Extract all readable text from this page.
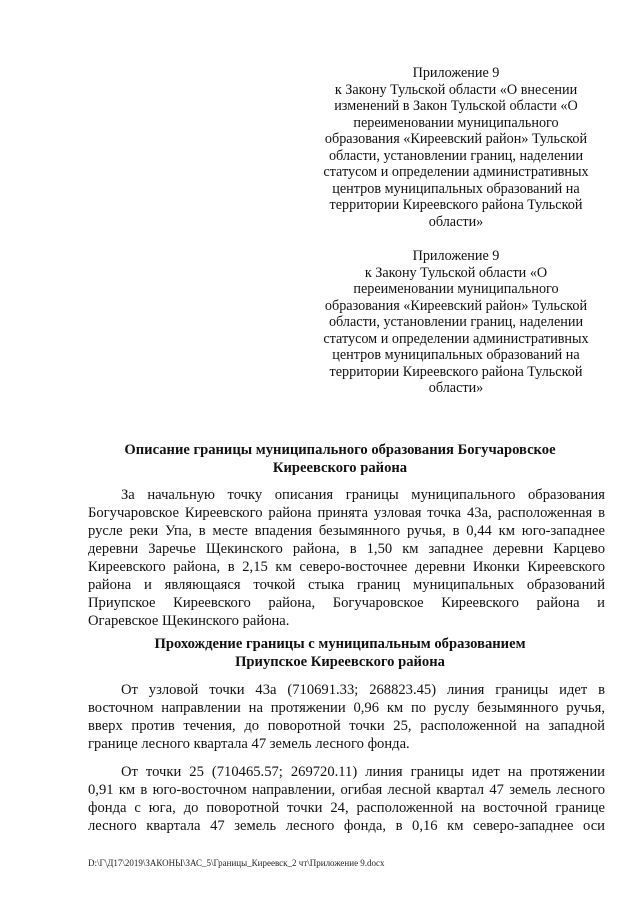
Приложение 9
к Закону Тульской области «О внесении
изменений в Закон Тульской области «О
переименовании муниципального
образования «Киреевский район» Тульской
области, установлении границ, наделении
статусом и определении административных
центров муниципальных образований на
территории Киреевского района Тульской
области»
Приложение 9
к Закону Тульской области «О
переименовании муниципального
образования «Киреевский район» Тульской
области, установлении границ, наделении
статусом и определении административных
центров муниципальных образований на
территории Киреевского района Тульской
области»
Описание границы муниципального образования Богучаровское
Киреевского района
За начальную точку описания границы муниципального образования
Богучаровское Киреевского района принята узловая точка 43а, расположенная в
русле реки Упа, в месте впадения безымянного ручья, в 0,44 км юго-западнее
деревни Заречье Щекинского района, в 1,50 км западнее деревни Карцево
Киреевского района, в 2,15 км северо-восточнее деревни Иконки Киреевского
района и являющаяся точкой стыка границ муниципальных образований
Приупское Киреевского района, Богучаровское Киреевского района и
Огаревское Щекинского района.
Прохождение границы с муниципальным образованием
Приупское Киреевского района
От узловой точки 43а (710691.33; 268823.45) линия границы идет в
восточном направлении на протяжении 0,96 км по руслу безымянного ручья,
вверх против течения, до поворотной точки 25, расположенной на западной
границе лесного квартала 47 земель лесного фонда.
От точки 25 (710465.57; 269720.11) линия границы идет на протяжении
0,91 км в юго-восточном направлении, огибая лесной квартал 47 земель лесного
фонда с юга, до поворотной точки 24, расположенной на восточной границе
лесного квартала 47 земель лесного фонда, в 0,16 км северо-западнее оси
D:\Г\Д17\2019\ЗАКОНЫ\ЗАС_5\Границы_Киреевск_2 чт\Приложение 9.docx
